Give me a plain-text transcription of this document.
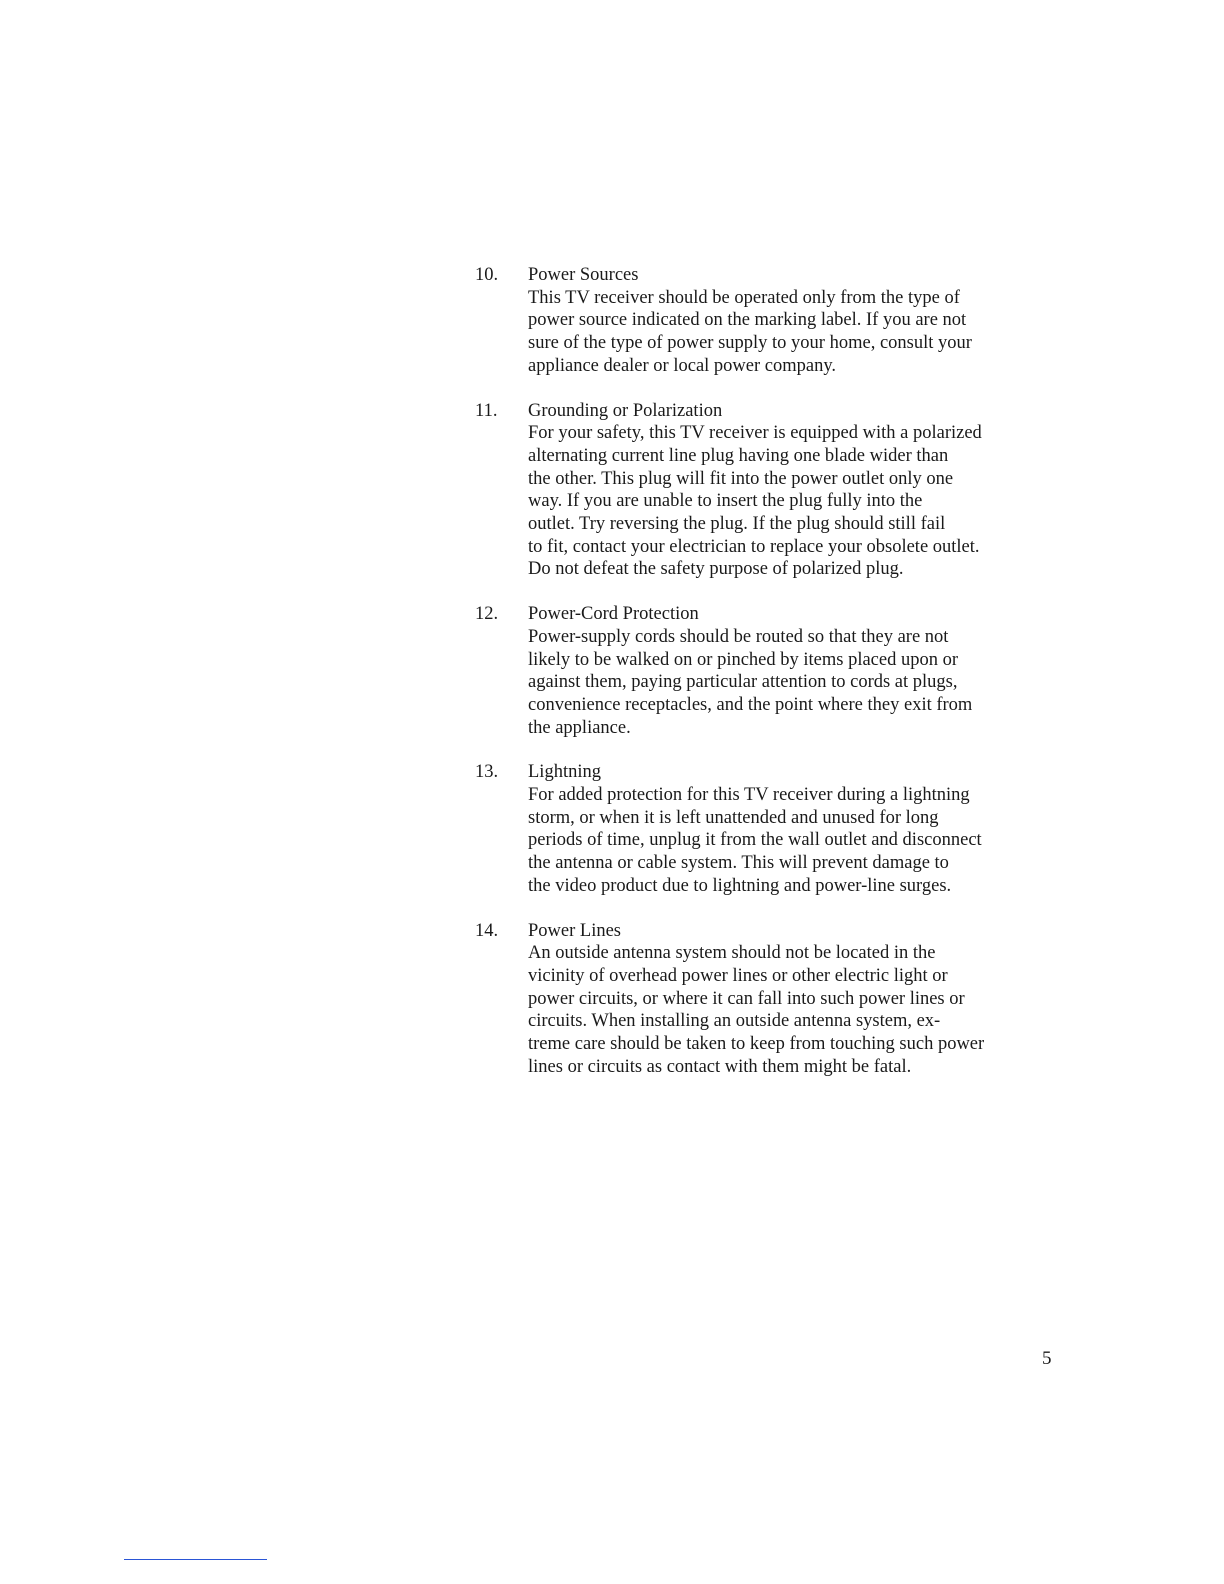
10.	Power Sources
This TV receiver should be operated only from the type of
power source indicated on the marking label. If you are not
sure of the type of power supply to your home, consult your
appliance dealer or local power company.
11.	Grounding or Polarization
For your safety, this TV receiver is equipped with a polarized
alternating current line plug having one blade wider than
the other. This plug will fit into the power outlet only one
way. If you are unable to insert the plug fully into the
outlet. Try reversing the plug. If the plug should still fail
to fit, contact your electrician to replace your obsolete outlet.
Do not defeat the safety purpose of polarized plug.
12.	Power-Cord Protection
Power-supply cords should be routed so that they are not
likely to be walked on or pinched by items placed upon or
against them, paying particular attention to cords at plugs,
convenience receptacles, and the point where they exit from
the appliance.
13.	Lightning
For added protection for this TV receiver during a lightning
storm, or when it is left unattended and unused for long
periods of time, unplug it from the wall outlet and disconnect
the antenna or cable system. This will prevent damage to
the video product due to lightning and power-line surges.
14.	Power Lines
An outside antenna system should not be located in the
vicinity of overhead power lines or other electric light or
power circuits, or where it can fall into such power lines or
circuits. When installing an outside antenna system, ex-
treme care should be taken to keep from touching such power
lines or circuits as contact with them might be fatal.
5
